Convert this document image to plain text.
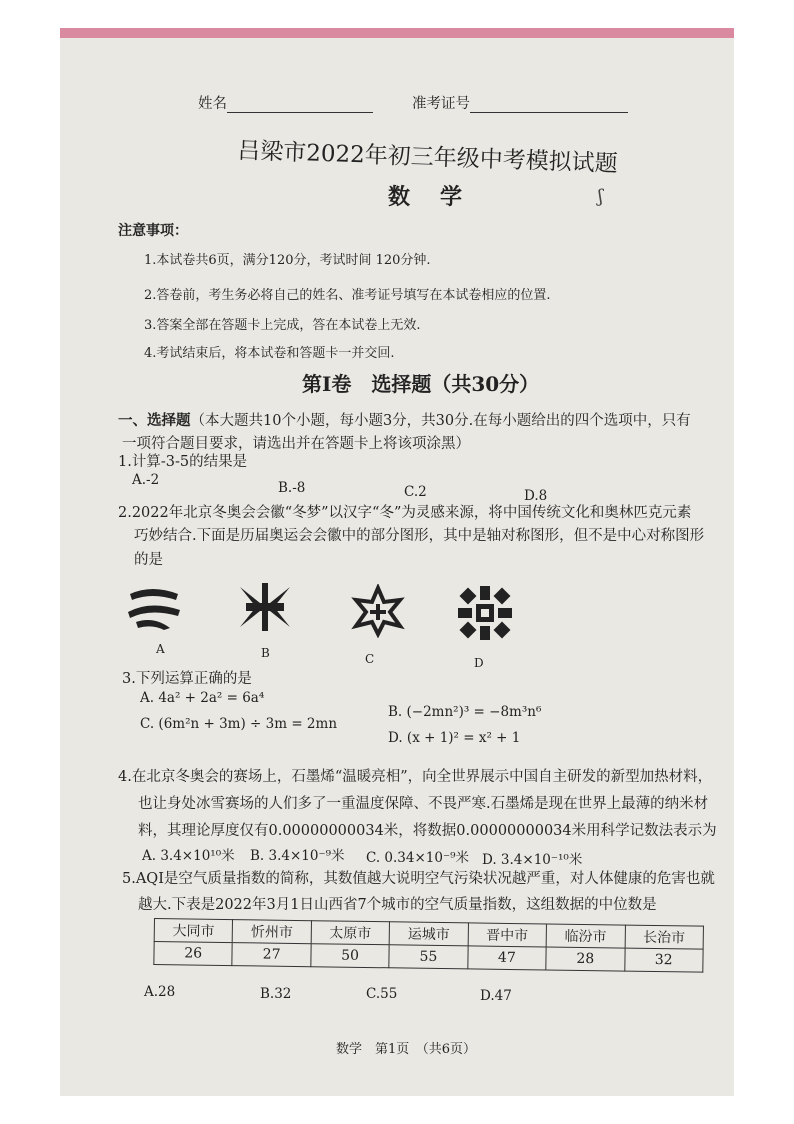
姓名	准考证号
吕梁市2022年初三年级中考模拟试题
数学	ʃ
注意事项：
1.本试卷共6页，满分120分，考试时间 120分钟.
2.答卷前，考生务必将自己的姓名、准考证号填写在本试卷相应的位置.
3.答案全部在答题卡上完成，答在本试卷上无效.
4.考试结束后，将本试卷和答题卡一并交回.
第Ⅰ卷　选择题（共30分）
一、选择题（本大题共10个小题，每小题3分，共30分.在每小题给出的四个选项中，只有
一项符合题目要求，请选出并在答题卡上将该项涂黑）
1.计算-3-5的结果是
A.-2	B.-8	C.2	D.8
2.2022年北京冬奥会会徽“冬梦”以汉字“冬”为灵感来源，将中国传统文化和奥林匹克元素
巧妙结合.下面是历届奥运会会徽中的部分图形，其中是轴对称图形，但不是中心对称图形
的是
A	B	C	D
3.下列运算正确的是
A. 4a² + 2a² = 6a⁴
C. (6m²n + 3m) ÷ 3m = 2mn
B. (−2mn²)³ = −8m³n⁶
D. (x + 1)² = x² + 1
4.在北京冬奥会的赛场上，石墨烯“温暖亮相”，向全世界展示中国自主研发的新型加热材料，
也让身处冰雪赛场的人们多了一重温度保障、不畏严寒.石墨烯是现在世界上最薄的纳米材
料，其理论厚度仅有0.00000000034米，将数据0.00000000034米用科学记数法表示为
A. 3.4×10¹⁰米 B. 3.4×10⁻⁹米 C. 0.34×10⁻⁹米 D. 3.4×10⁻¹⁰米
5.AQI是空气质量指数的简称，其数值越大说明空气污染状况越严重，对人体健康的危害也就
越大.下表是2022年3月1日山西省7个城市的空气质量指数，这组数据的中位数是
大同市	忻州市	太原市	运城市	晋中市	临汾市	长治市
26	27	50	55	47	28	32
A.28	B.32	C.55	D.47
数学　第1页　（共6页）
